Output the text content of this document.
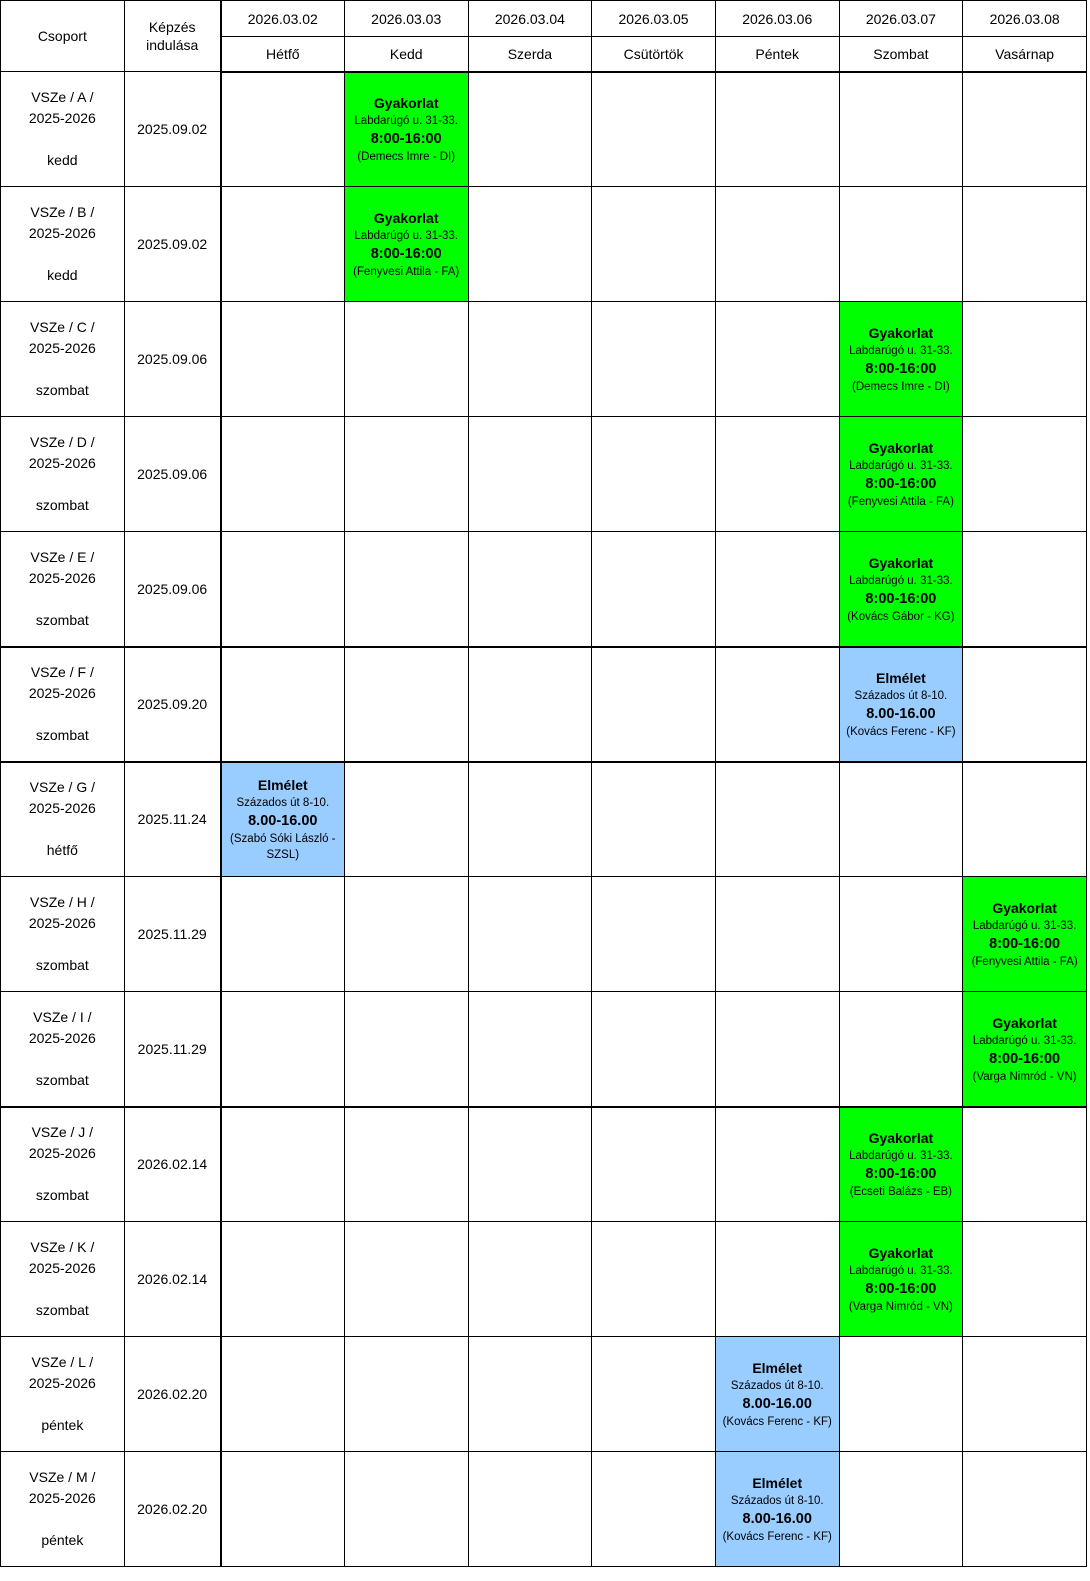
Csoport	Képzés indulása	2026.03.02	2026.03.03	2026.03.04	2026.03.05	2026.03.06	2026.03.07	2026.03.08
		Hétfő	Kedd	Szerda	Csütörtök	Péntek	Szombat	Vasárnap

VSZe / A /
2025-2026
kedd	2025.09.02		Gyakorlat
Labdarúgó u. 31-33.
8:00-16:00
(Demecs Imre - DI)					

VSZe / B /
2025-2026
kedd	2025.09.02		Gyakorlat
Labdarúgó u. 31-33.
8:00-16:00
(Fenyvesi Attila - FA)					

VSZe / C /
2025-2026
szombat	2025.09.06						Gyakorlat
Labdarúgó u. 31-33.
8:00-16:00
(Demecs Imre - DI)	

VSZe / D /
2025-2026
szombat	2025.09.06						Gyakorlat
Labdarúgó u. 31-33.
8:00-16:00
(Fenyvesi Attila - FA)	

VSZe / E /
2025-2026
szombat	2025.09.06						Gyakorlat
Labdarúgó u. 31-33.
8:00-16:00
(Kovács Gábor - KG)	

VSZe / F /
2025-2026
szombat	2025.09.20						Elmélet
Százados út 8-10.
8.00-16.00
(Kovács Ferenc - KF)	

VSZe / G /
2025-2026
hétfő	2025.11.24	Elmélet
Százados út 8-10.
8.00-16.00
(Szabó Sóki László - SZSL)						

VSZe / H /
2025-2026
szombat	2025.11.29							Gyakorlat
Labdarúgó u. 31-33.
8:00-16:00
(Fenyvesi Attila - FA)

VSZe / I /
2025-2026
szombat	2025.11.29							Gyakorlat
Labdarúgó u. 31-33.
8:00-16:00
(Varga Nimród - VN)

VSZe / J /
2025-2026
szombat	2026.02.14						Gyakorlat
Labdarúgó u. 31-33.
8:00-16:00
(Ecseti Balázs - EB)	

VSZe / K /
2025-2026
szombat	2026.02.14						Gyakorlat
Labdarúgó u. 31-33.
8:00-16:00
(Varga Nimród - VN)	

VSZe / L /
2025-2026
péntek	2026.02.20					Elmélet
Százados út 8-10.
8.00-16.00
(Kovács Ferenc - KF)		

VSZe / M /
2025-2026
péntek	2026.02.20					Elmélet
Százados út 8-10.
8.00-16.00
(Kovács Ferenc - KF)		
